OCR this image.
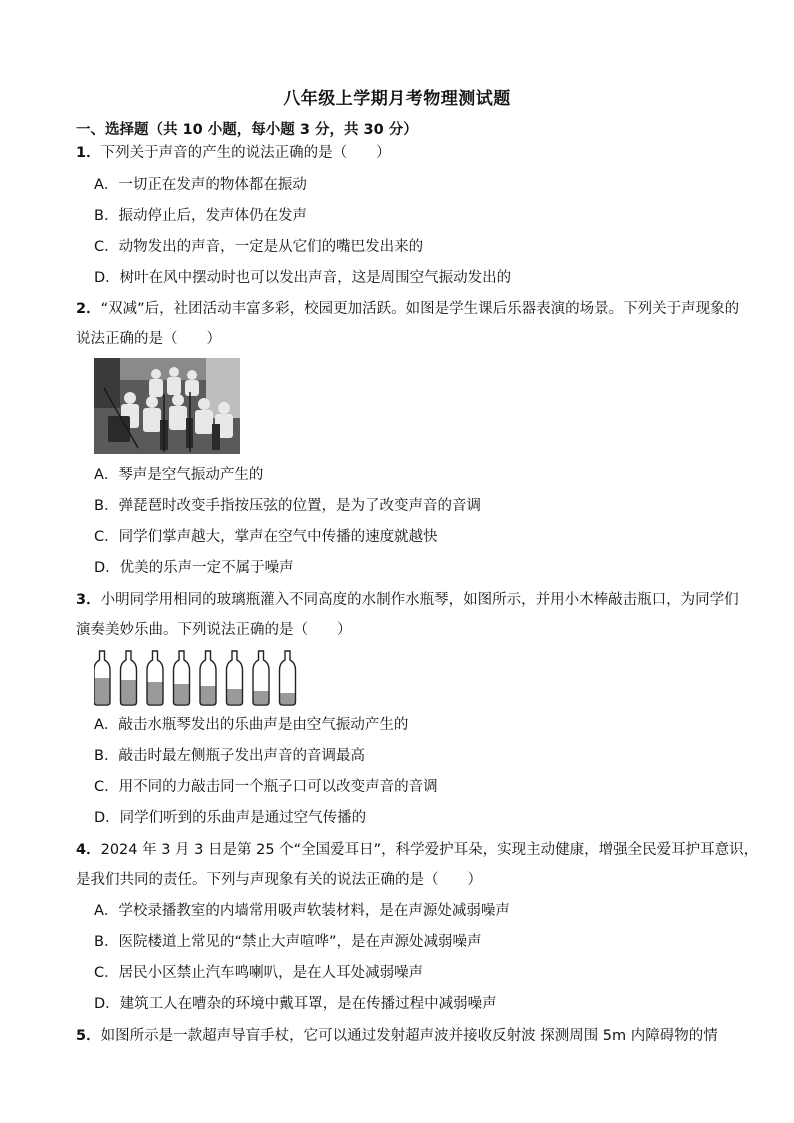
八年级上学期月考物理测试题
一、选择题（共 10 小题，每小题 3 分，共 30 分）
1．下列关于声音的产生的说法正确的是（　　）
A．一切正在发声的物体都在振动
B．振动停止后，发声体仍在发声
C．动物发出的声音，一定是从它们的嘴巴发出来的
D．树叶在风中摆动时也可以发出声音，这是周围空气振动发出的
2．“双减”后，社团活动丰富多彩，校园更加活跃。如图是学生课后乐器表演的场景。下列关于声现象的
说法正确的是（　　）
A．琴声是空气振动产生的
B．弹琵琶时改变手指按压弦的位置，是为了改变声音的音调
C．同学们掌声越大，掌声在空气中传播的速度就越快
D．优美的乐声一定不属于噪声
3．小明同学用相同的玻璃瓶灌入不同高度的水制作水瓶琴，如图所示，并用小木棒敲击瓶口，为同学们
演奏美妙乐曲。下列说法正确的是（　　）
A．敲击水瓶琴发出的乐曲声是由空气振动产生的
B．敲击时最左侧瓶子发出声音的音调最高
C．用不同的力敲击同一个瓶子口可以改变声音的音调
D．同学们听到的乐曲声是通过空气传播的
4．2024 年 3 月 3 日是第 25 个“全国爱耳日”，科学爱护耳朵，实现主动健康，增强全民爱耳护耳意识，
是我们共同的责任。下列与声现象有关的说法正确的是（　　）
A．学校录播教室的内墙常用吸声软装材料，是在声源处减弱噪声
B．医院楼道上常见的“禁止大声喧哗”，是在声源处减弱噪声
C．居民小区禁止汽车鸣喇叭，是在人耳处减弱噪声
D．建筑工人在嘈杂的环境中戴耳罩，是在传播过程中减弱噪声
5．如图所示是一款超声导盲手杖，它可以通过发射超声波并接收反射波 探测周围 5m 内障碍物的情
